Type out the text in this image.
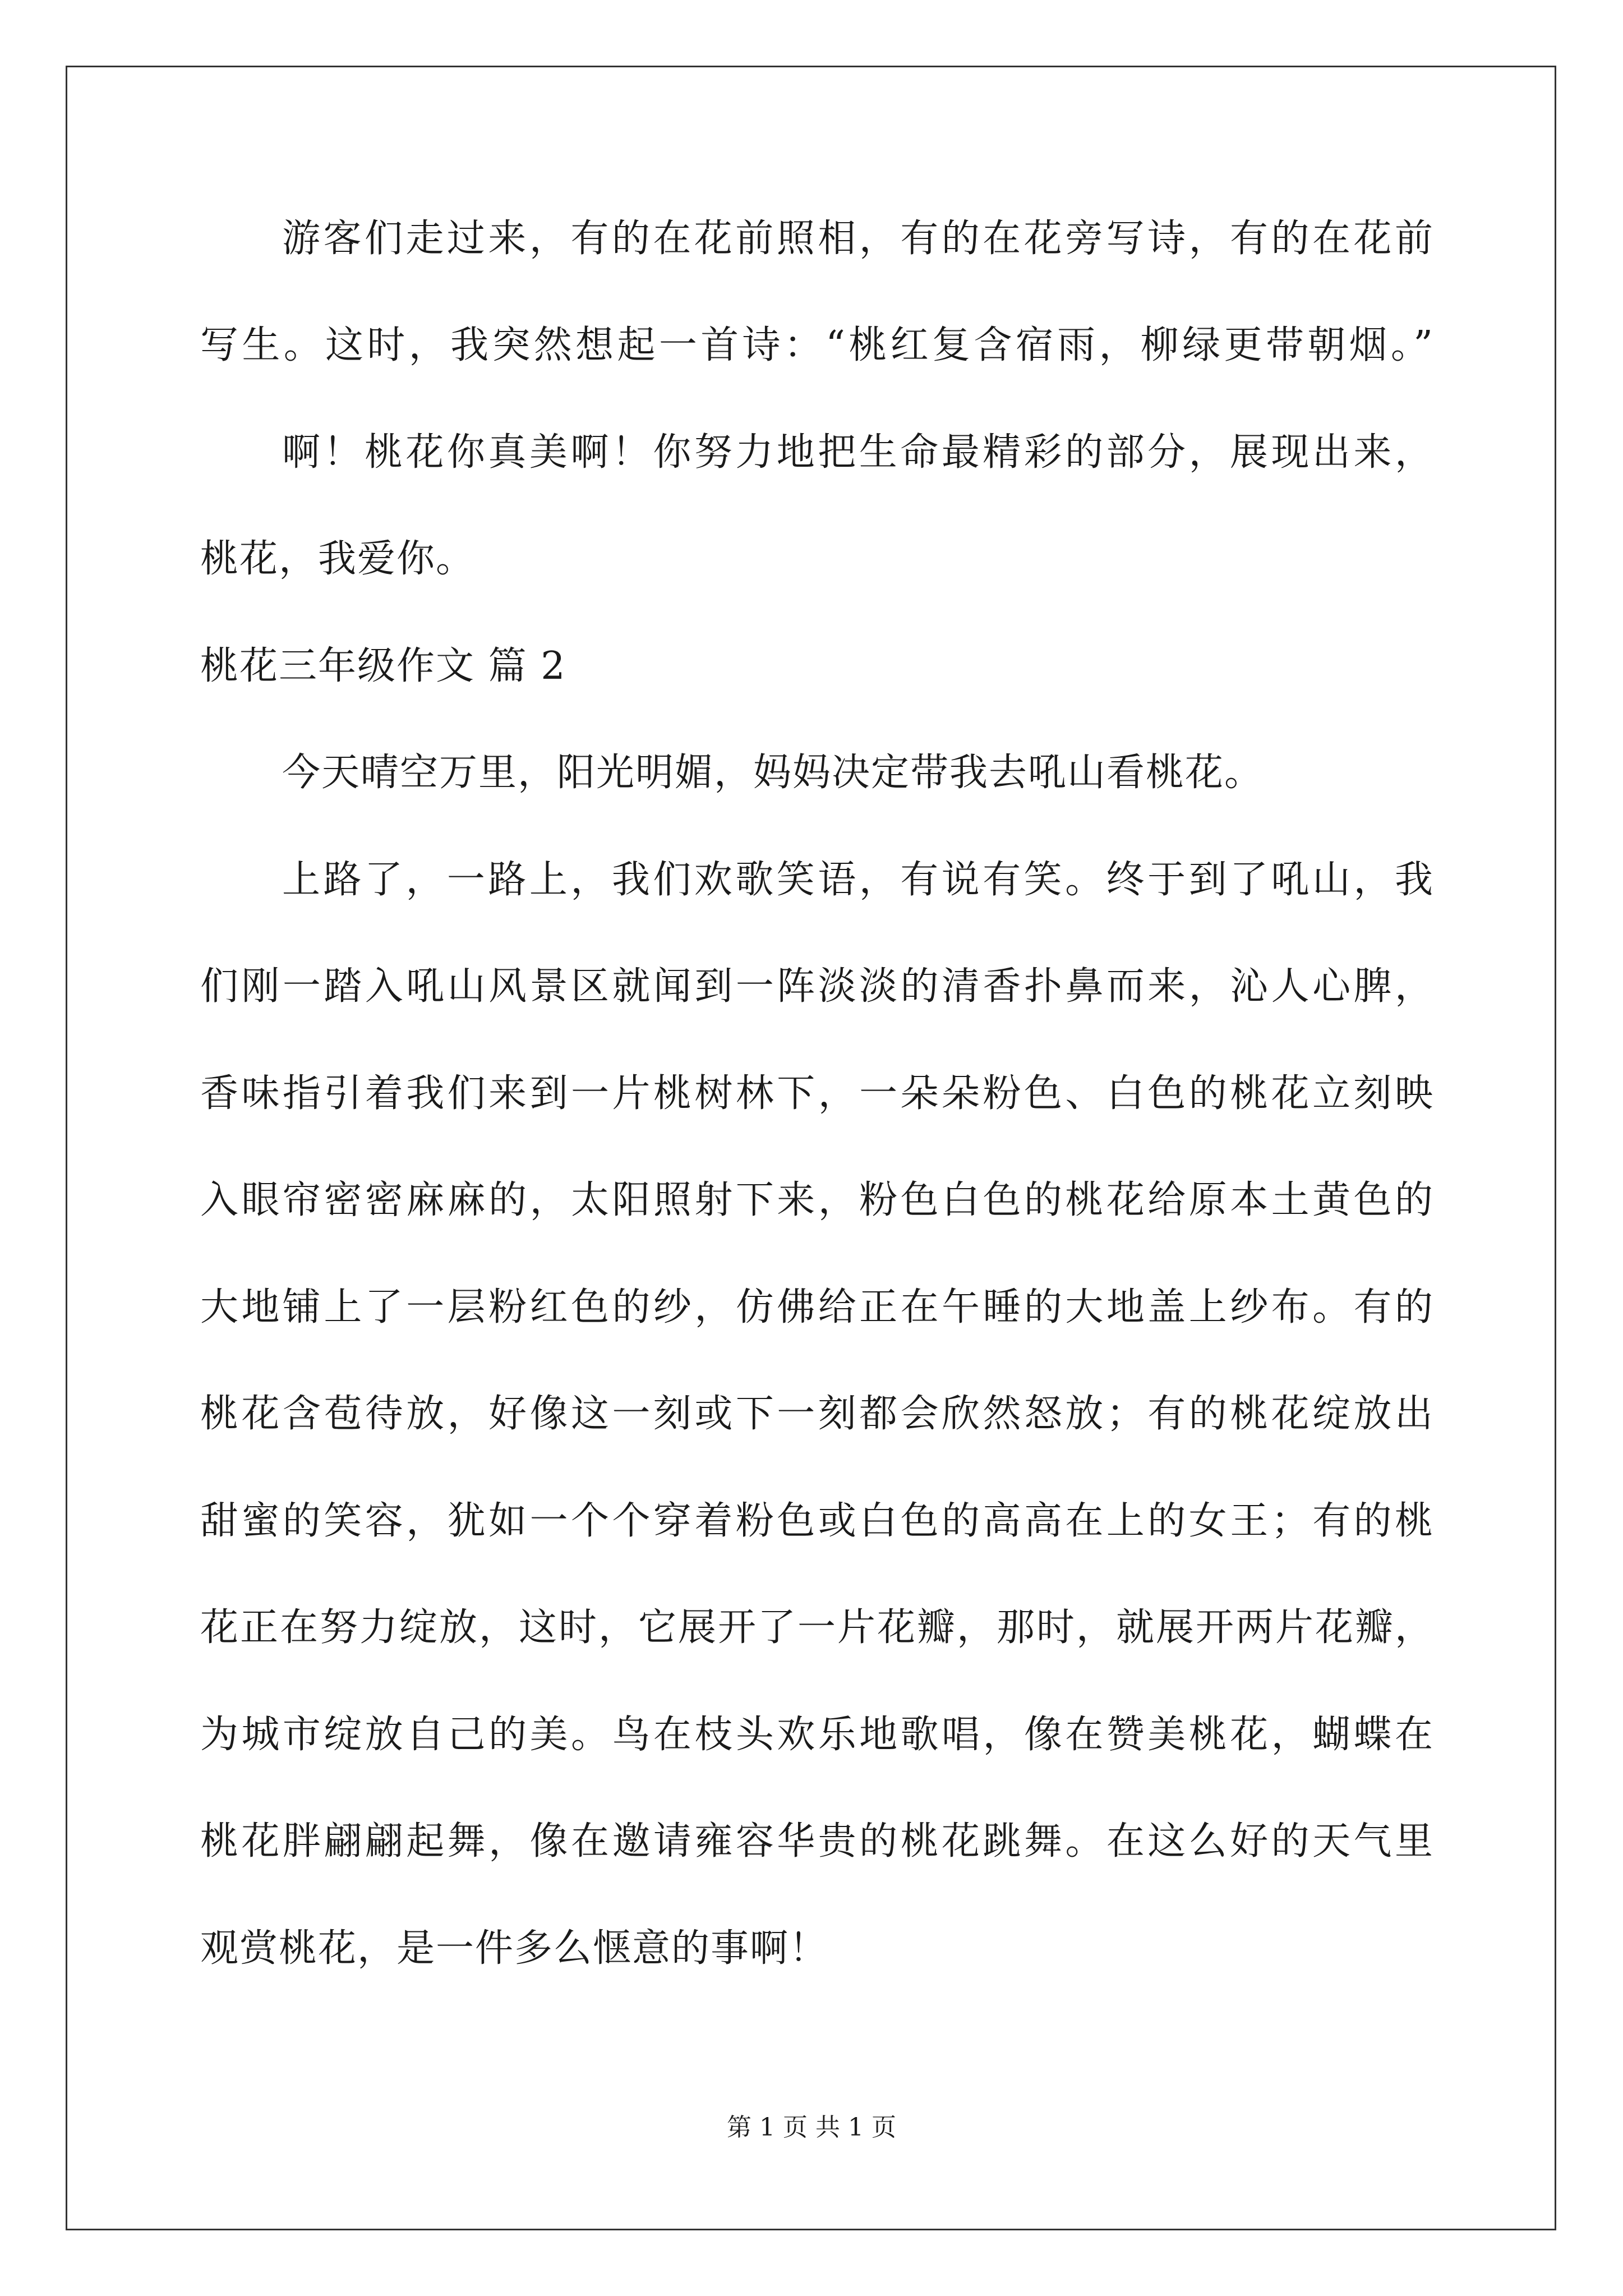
游客们走过来，有的在花前照相，有的在花旁写诗，有的在花前
写生。这时，我突然想起一首诗：“桃红复含宿雨，柳绿更带朝烟。”
啊！桃花你真美啊！你努力地把生命最精彩的部分，展现出来，
桃花，我爱你。
桃花三年级作文 篇 2
今天晴空万里，阳光明媚，妈妈决定带我去吼山看桃花。
上路了，一路上，我们欢歌笑语，有说有笑。终于到了吼山，我
们刚一踏入吼山风景区就闻到一阵淡淡的清香扑鼻而来，沁人心脾，
香味指引着我们来到一片桃树林下，一朵朵粉色、白色的桃花立刻映
入眼帘密密麻麻的，太阳照射下来，粉色白色的桃花给原本土黄色的
大地铺上了一层粉红色的纱，仿佛给正在午睡的大地盖上纱布。有的
桃花含苞待放，好像这一刻或下一刻都会欣然怒放；有的桃花绽放出
甜蜜的笑容，犹如一个个穿着粉色或白色的高高在上的女王；有的桃
花正在努力绽放，这时，它展开了一片花瓣，那时，就展开两片花瓣，
为城市绽放自己的美。鸟在枝头欢乐地歌唱，像在赞美桃花，蝴蝶在
桃花胖翩翩起舞，像在邀请雍容华贵的桃花跳舞。在这么好的天气里
观赏桃花，是一件多么惬意的事啊！
第 1 页 共 1 页
